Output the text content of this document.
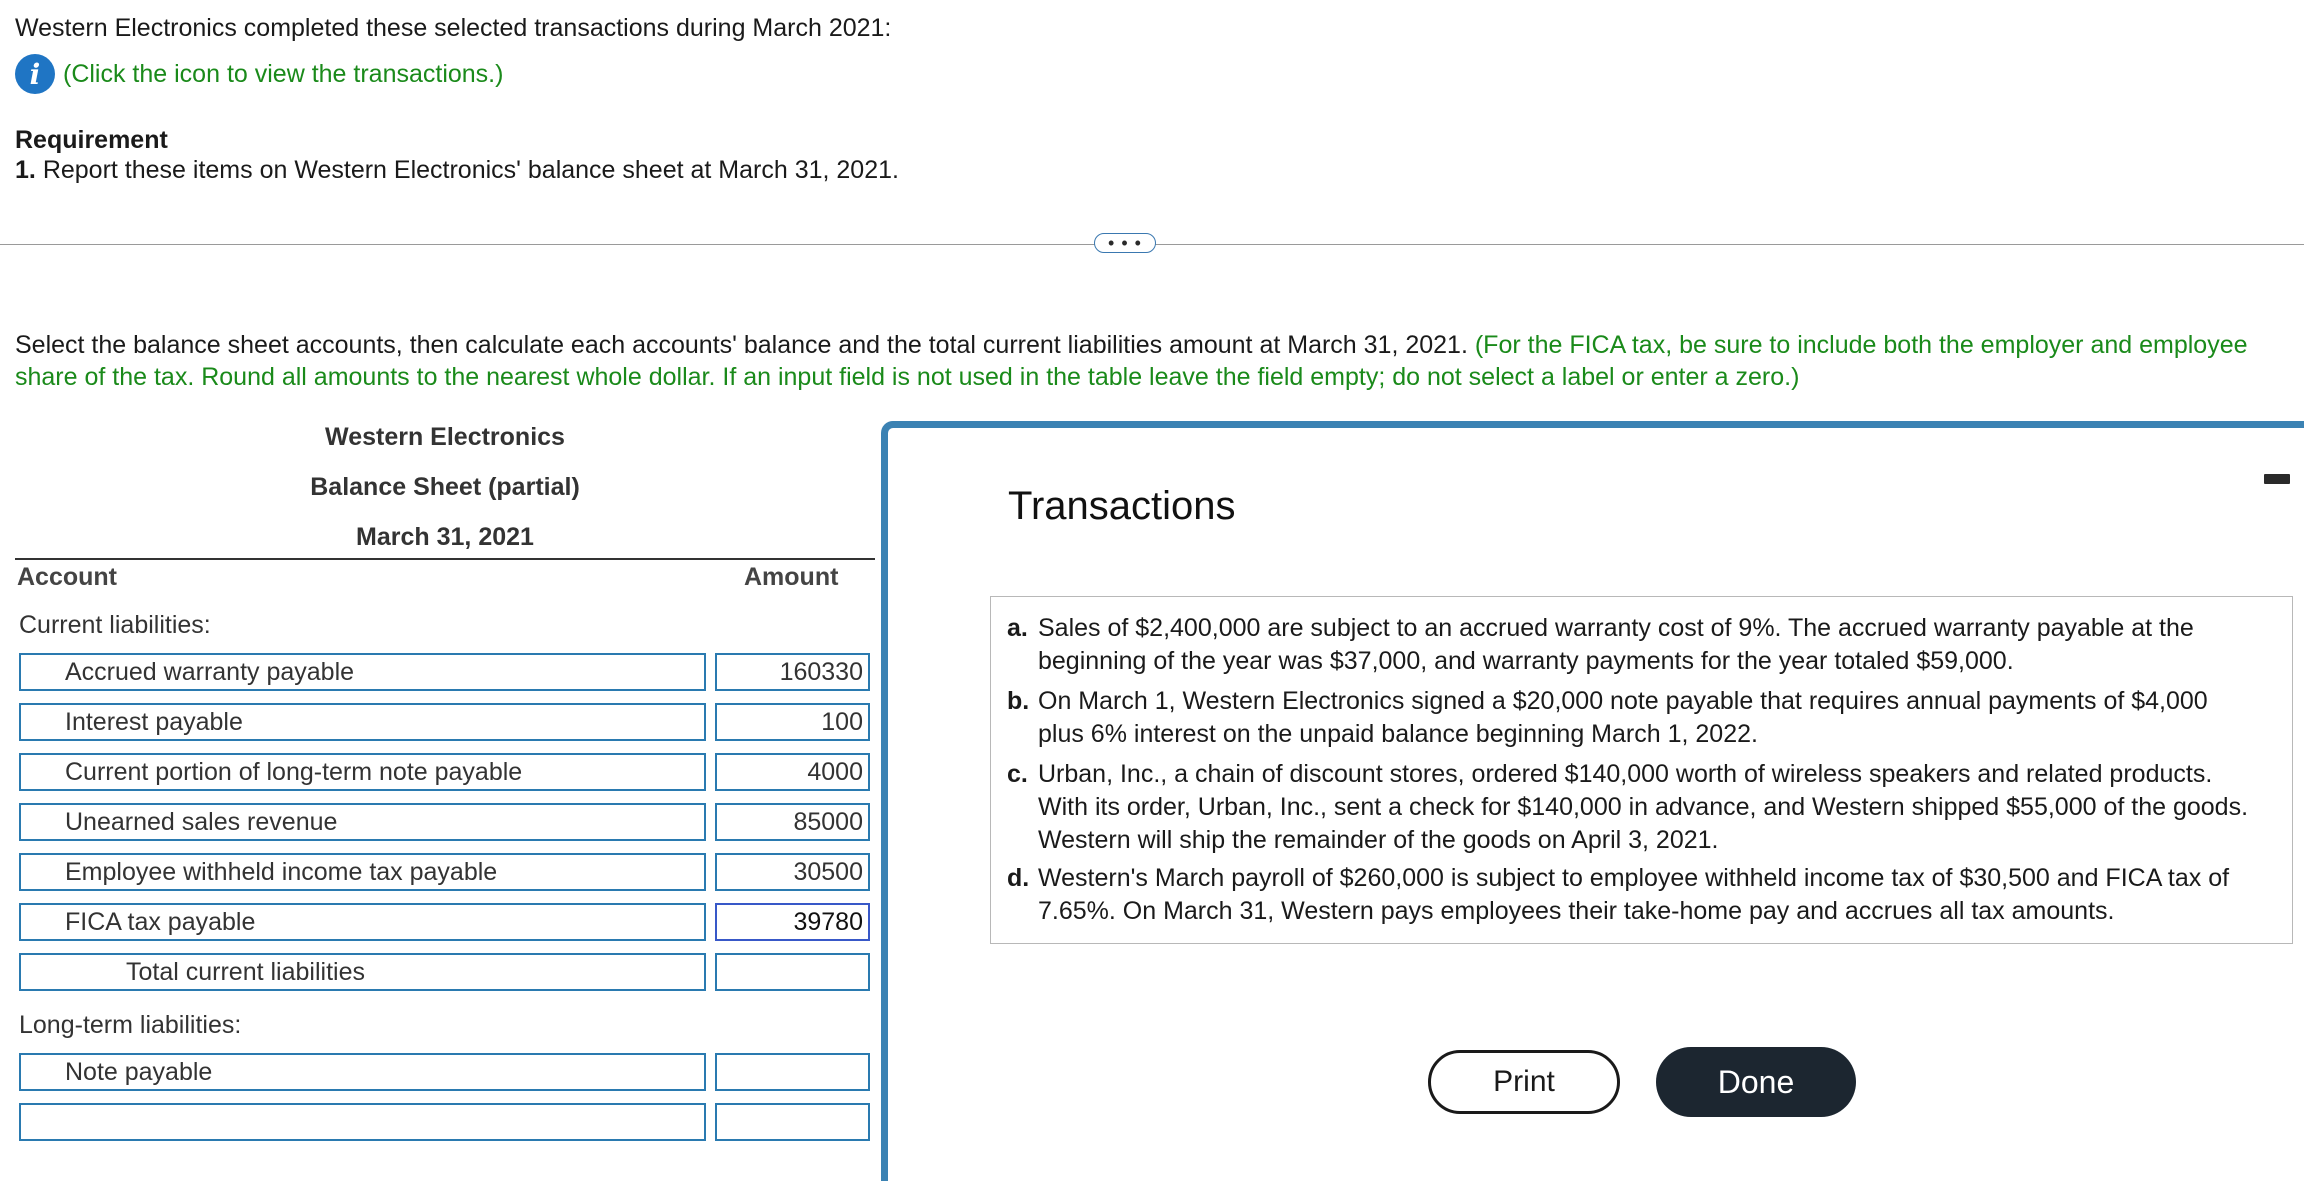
Western Electronics completed these selected transactions during March 2021:
i (Click the icon to view the transactions.)
Requirement
1. Report these items on Western Electronics' balance sheet at March 31, 2021.
• • •
Select the balance sheet accounts, then calculate each accounts' balance and the total current liabilities amount at March 31, 2021. (For the FICA tax, be sure to include both the employer and employee share of the tax. Round all amounts to the nearest whole dollar. If an input field is not used in the table leave the field empty; do not select a label or enter a zero.)
Western Electronics
Balance Sheet (partial)
March 31, 2021
Account	Amount
Current liabilities:
Accrued warranty payable	160330
Interest payable	100
Current portion of long-term note payable	4000
Unearned sales revenue	85000
Employee withheld income tax payable	30500
FICA tax payable	39780
Total current liabilities
Long-term liabilities:
Note payable
Transactions
a. Sales of $2,400,000 are subject to an accrued warranty cost of 9%. The accrued warranty payable at the beginning of the year was $37,000, and warranty payments for the year totaled $59,000.
b. On March 1, Western Electronics signed a $20,000 note payable that requires annual payments of $4,000 plus 6% interest on the unpaid balance beginning March 1, 2022.
c. Urban, Inc., a chain of discount stores, ordered $140,000 worth of wireless speakers and related products. With its order, Urban, Inc., sent a check for $140,000 in advance, and Western shipped $55,000 of the goods. Western will ship the remainder of the goods on April 3, 2021.
d. Western's March payroll of $260,000 is subject to employee withheld income tax of $30,500 and FICA tax of 7.65%. On March 31, Western pays employees their take-home pay and accrues all tax amounts.
Print	Done
